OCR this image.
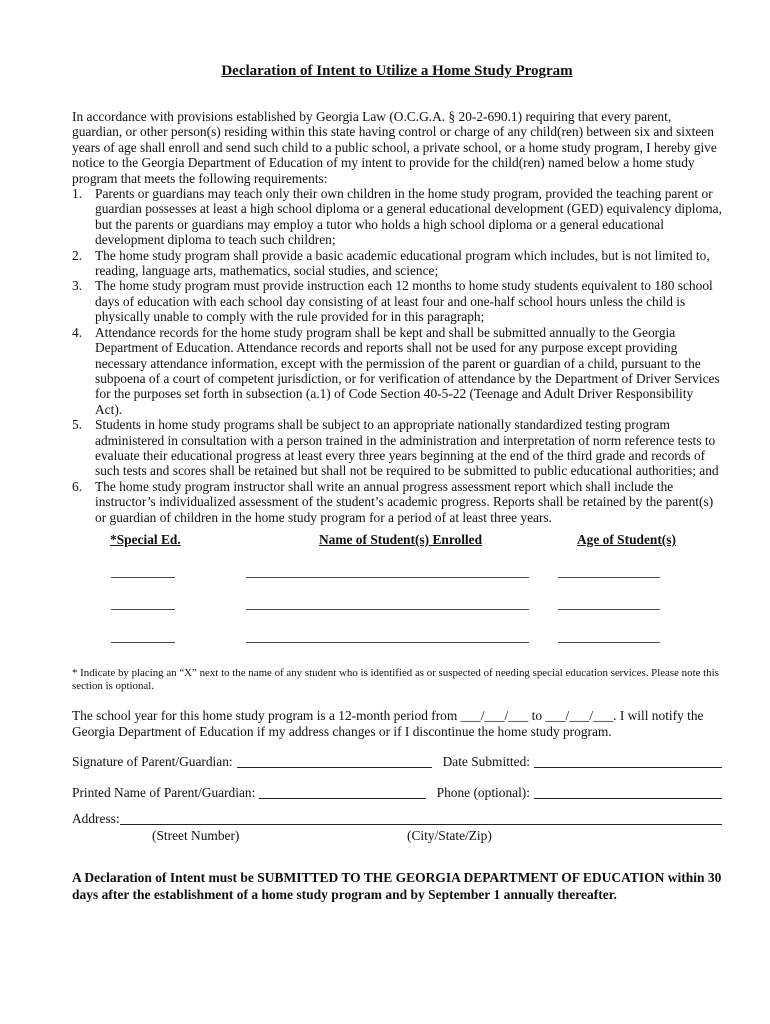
Declaration of Intent to Utilize a Home Study Program
In accordance with provisions established by Georgia Law (O.C.G.A. § 20-2-690.1) requiring that every parent, guardian, or other person(s) residing within this state having control or charge of any child(ren) between six and sixteen years of age shall enroll and send such child to a public school, a private school, or a home study program, I hereby give notice to the Georgia Department of Education of my intent to provide for the child(ren) named below a home study program that meets the following requirements:
1. Parents or guardians may teach only their own children in the home study program, provided the teaching parent or guardian possesses at least a high school diploma or a general educational development (GED) equivalency diploma, but the parents or guardians may employ a tutor who holds a high school diploma or a general educational development diploma to teach such children;
2. The home study program shall provide a basic academic educational program which includes, but is not limited to, reading, language arts, mathematics, social studies, and science;
3. The home study program must provide instruction each 12 months to home study students equivalent to 180 school days of education with each school day consisting of at least four and one-half school hours unless the child is physically unable to comply with the rule provided for in this paragraph;
4. Attendance records for the home study program shall be kept and shall be submitted annually to the Georgia Department of Education. Attendance records and reports shall not be used for any purpose except providing necessary attendance information, except with the permission of the parent or guardian of a child, pursuant to the subpoena of a court of competent jurisdiction, or for verification of attendance by the Department of Driver Services for the purposes set forth in subsection (a.1) of Code Section 40-5-22 (Teenage and Adult Driver Responsibility Act).
5. Students in home study programs shall be subject to an appropriate nationally standardized testing program administered in consultation with a person trained in the administration and interpretation of norm reference tests to evaluate their educational progress at least every three years beginning at the end of the third grade and records of such tests and scores shall be retained but shall not be required to be submitted to public educational authorities; and
6. The home study program instructor shall write an annual progress assessment report which shall include the instructor’s individualized assessment of the student’s academic progress. Reports shall be retained by the parent(s) or guardian of children in the home study program for a period of at least three years.
*Special Ed.	Name of Student(s) Enrolled	Age of Student(s)
* Indicate by placing an “X” next to the name of any student who is identified as or suspected of needing special education services. Please note this section is optional.
The school year for this home study program is a 12-month period from ___/___/___ to ___/___/___. I will notify the Georgia Department of Education if my address changes or if I discontinue the home study program.
Signature of Parent/Guardian:	Date Submitted:
Printed Name of Parent/Guardian:	Phone (optional):
Address:
(Street Number)	(City/State/Zip)
A Declaration of Intent must be SUBMITTED TO THE GEORGIA DEPARTMENT OF EDUCATION within 30 days after the establishment of a home study program and by September 1 annually thereafter.
